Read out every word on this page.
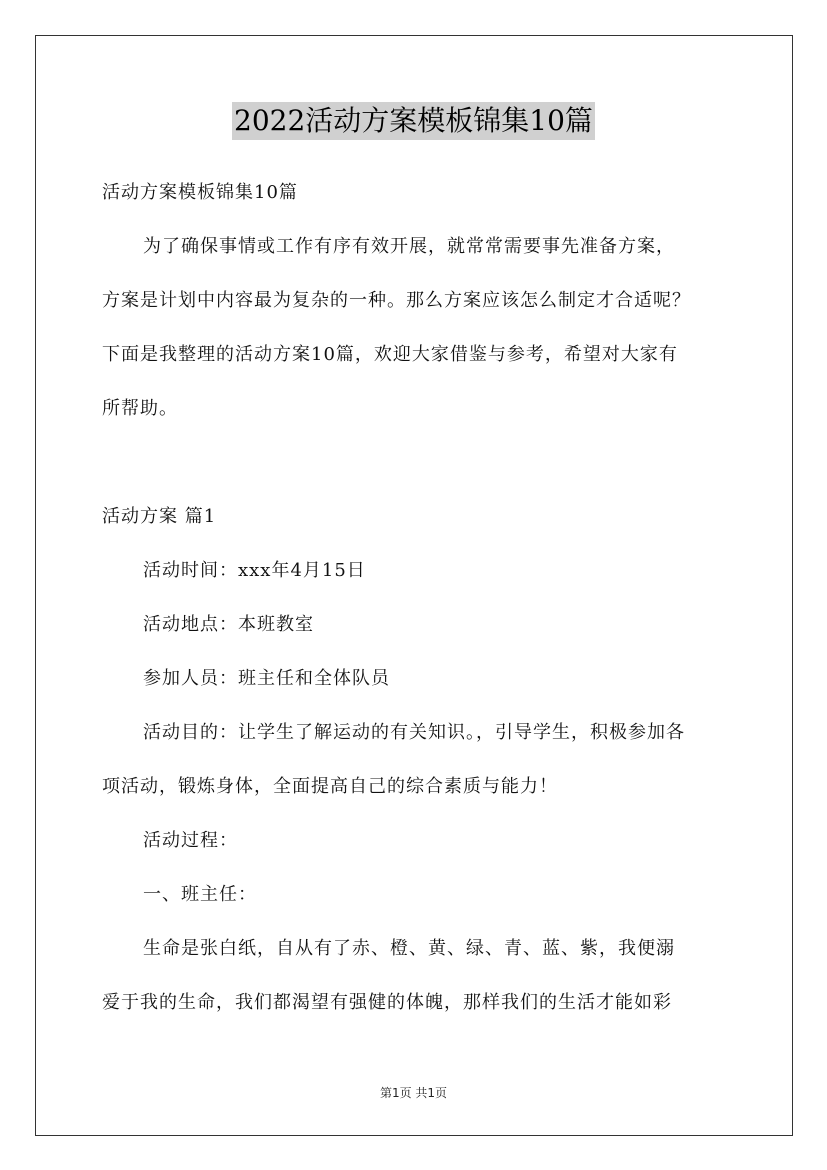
2022活动方案模板锦集10篇
活动方案模板锦集10篇
为了确保事情或工作有序有效开展，就常常需要事先准备方案，
方案是计划中内容最为复杂的一种。那么方案应该怎么制定才合适呢？
下面是我整理的活动方案10篇，欢迎大家借鉴与参考，希望对大家有
所帮助。
活动方案 篇1
活动时间：xxx年4月15日
活动地点：本班教室
参加人员：班主任和全体队员
活动目的：让学生了解运动的有关知识。，引导学生，积极参加各
项活动，锻炼身体，全面提高自己的综合素质与能力！
活动过程：
一、班主任：
生命是张白纸，自从有了赤、橙、黄、绿、青、蓝、紫，我便溺
爱于我的生命，我们都渴望有强健的体魄，那样我们的生活才能如彩
第1页 共1页
